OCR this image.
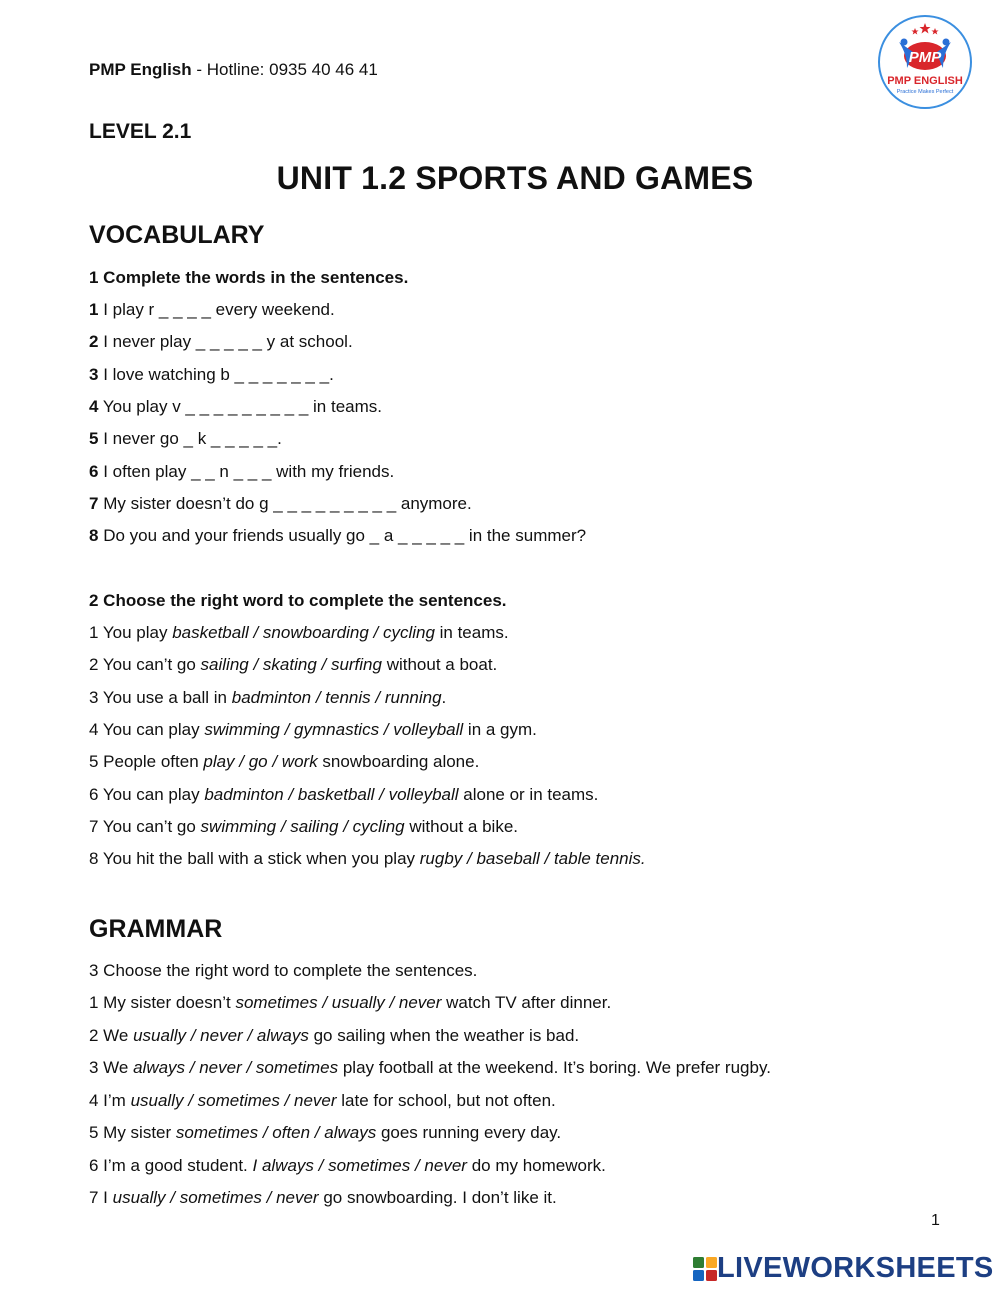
PMP English - Hotline: 0935 40 46 41
PMP
PMP ENGLISH
Practice Makes Perfect
LEVEL 2.1
UNIT 1.2 SPORTS AND GAMES
VOCABULARY
1 Complete the words in the sentences.
1 I play r _ _ _ _ every weekend.
2 I never play _ _ _ _ _ y at school.
3 I love watching b _ _ _ _ _ _ _.
4 You play v _ _ _ _ _ _ _ _ _ in teams.
5 I never go _ k _ _ _ _ _.
6 I often play _ _ n _ _ _ with my friends.
7 My sister doesn’t do g _ _ _ _ _ _ _ _ _ anymore.
8 Do you and your friends usually go _ a _ _ _ _ _ in the summer?
2 Choose the right word to complete the sentences.
1 You play basketball / snowboarding / cycling in teams.
2 You can’t go sailing / skating / surfing without a boat.
3 You use a ball in badminton / tennis / running.
4 You can play swimming / gymnastics / volleyball in a gym.
5 People often play / go / work snowboarding alone.
6 You can play badminton / basketball / volleyball alone or in teams.
7 You can’t go swimming / sailing / cycling without a bike.
8 You hit the ball with a stick when you play rugby / baseball / table tennis.
GRAMMAR
3 Choose the right word to complete the sentences.
1 My sister doesn’t sometimes / usually / never watch TV after dinner.
2 We usually / never / always go sailing when the weather is bad.
3 We always / never / sometimes play football at the weekend. It’s boring. We prefer rugby.
4 I’m usually / sometimes / never late for school, but not often.
5 My sister sometimes / often / always goes running every day.
6 I’m a good student. I always / sometimes / never do my homework.
7 I usually / sometimes / never go snowboarding. I don’t like it.
1
LIVEWORKSHEETS
